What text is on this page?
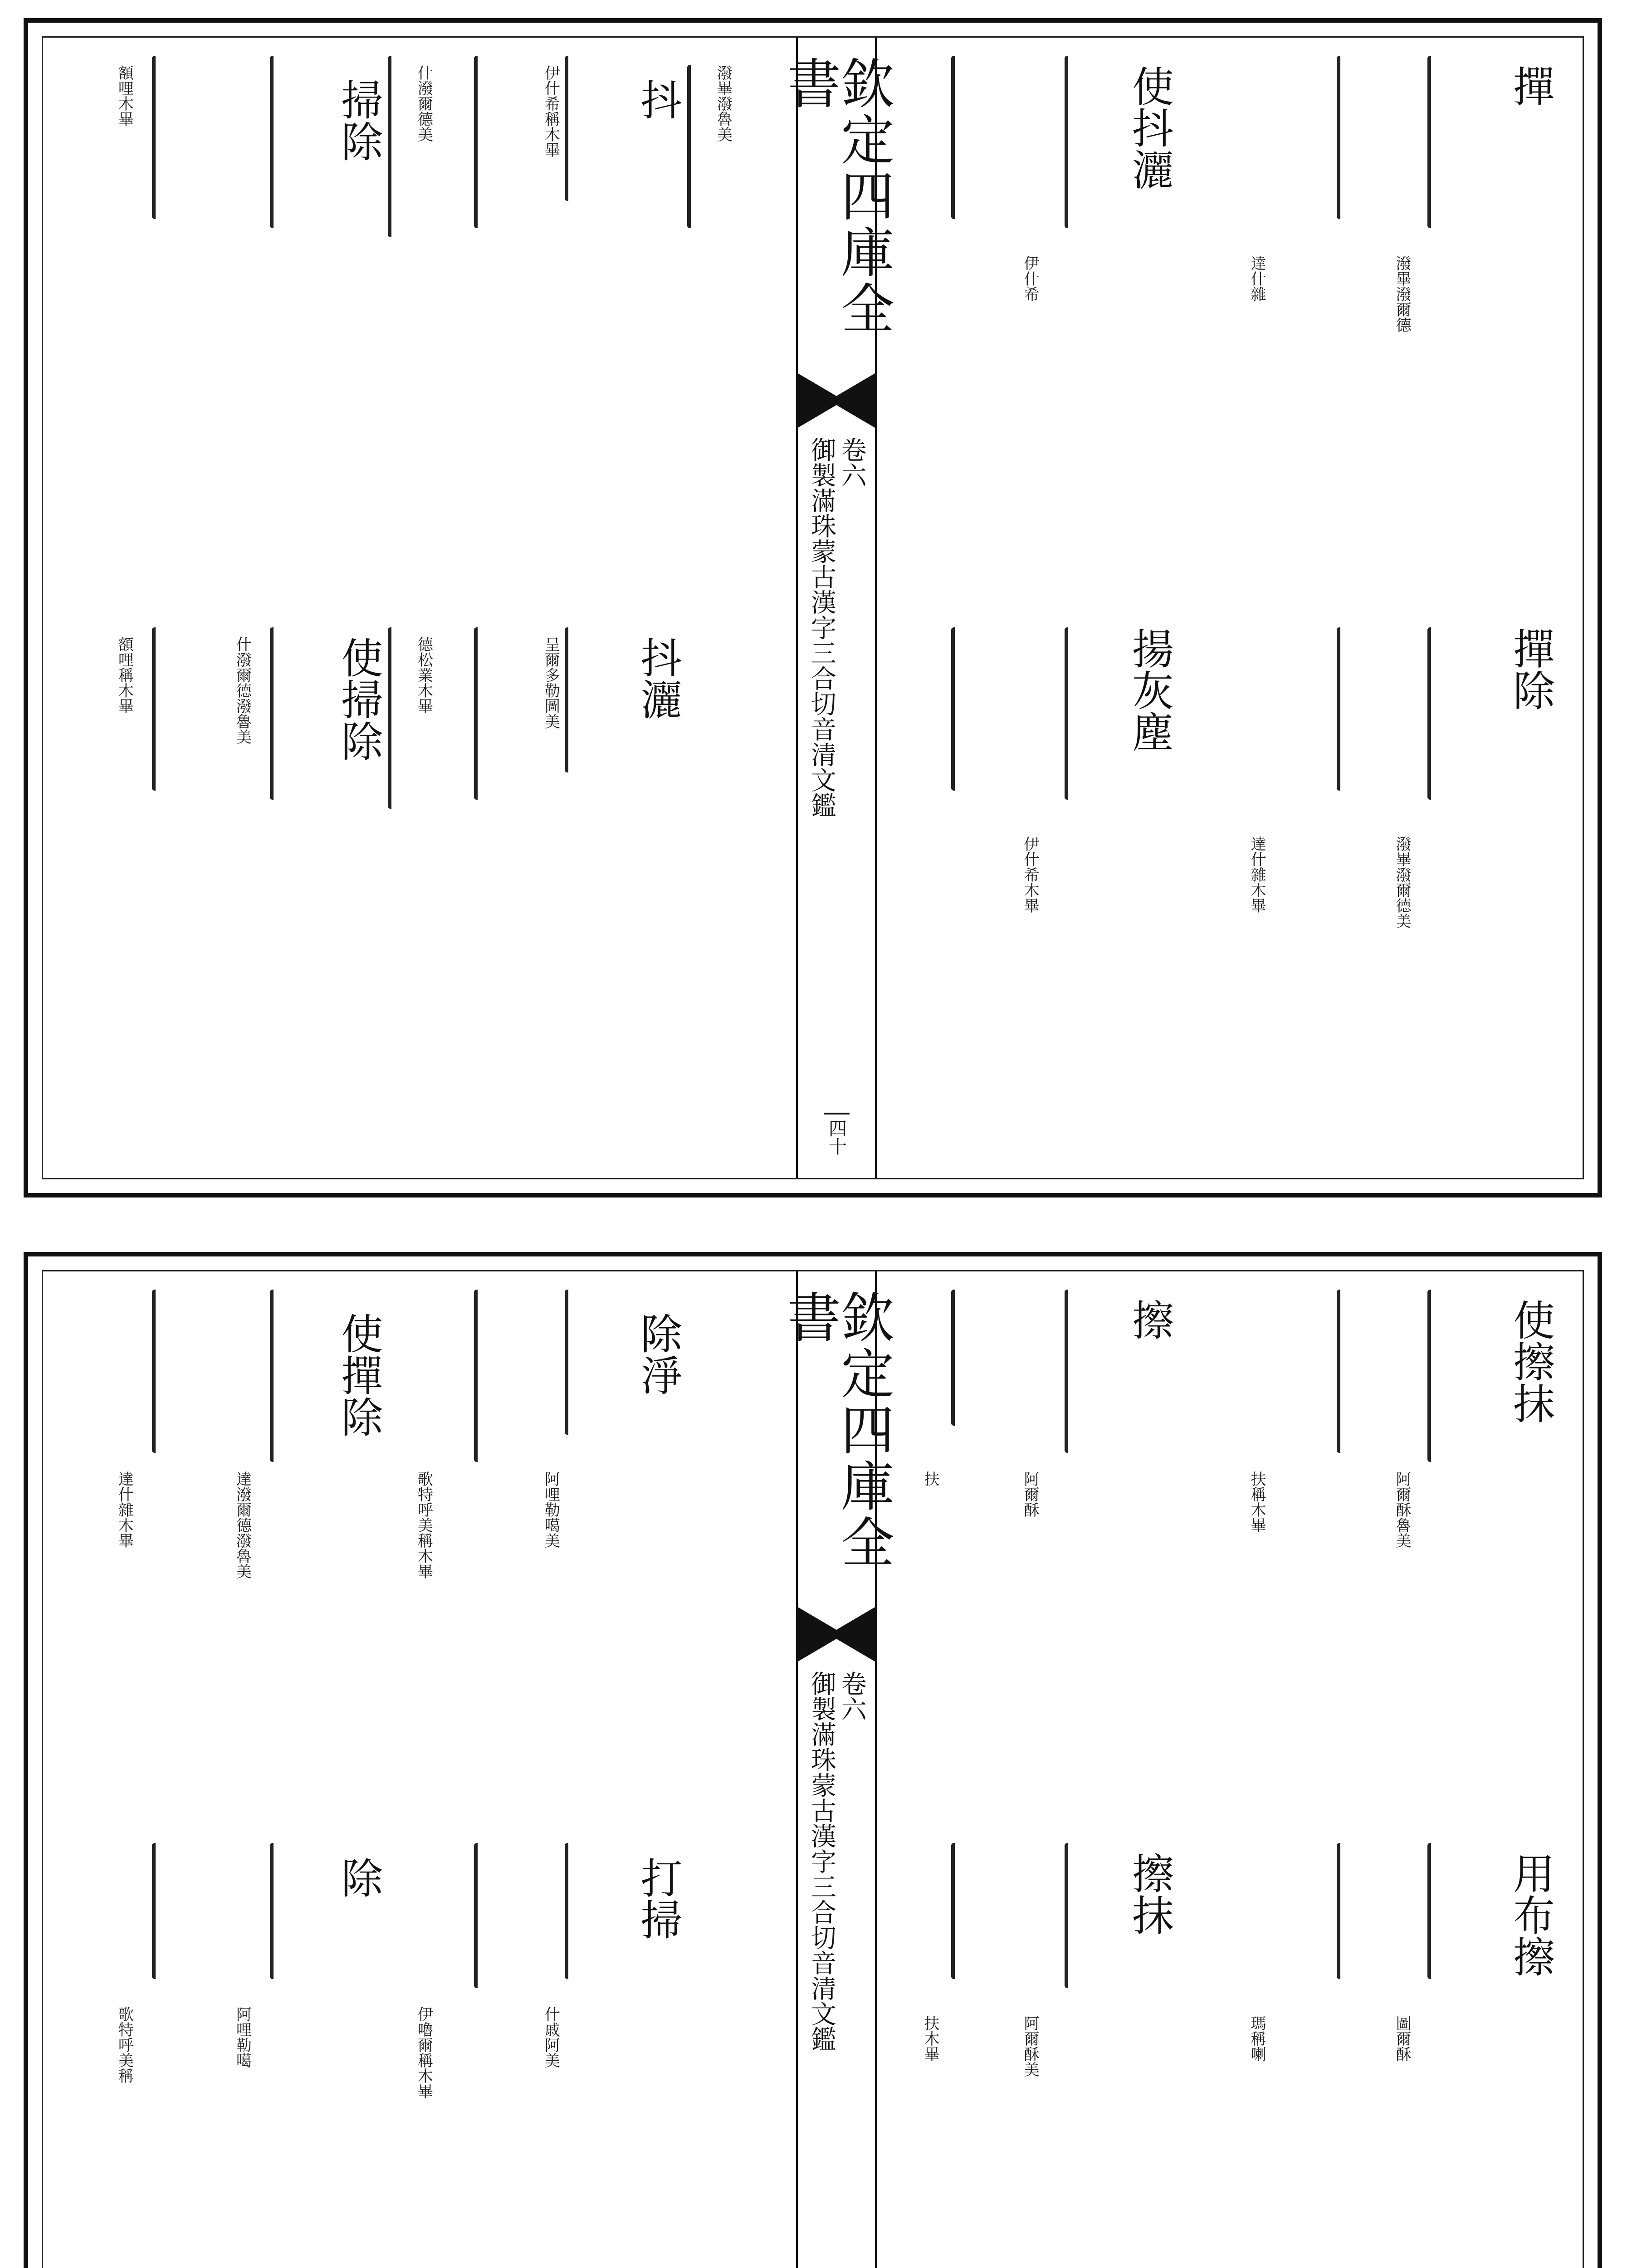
潑畢潑魯美
抖
掃除	伊什希稱木畢
什潑爾德美
額哩木畢
抖灑
使掃除	呈爾多勒圖美
德松業木畢
什潑爾德潑魯美
額哩稱木畢
欽定四庫全書
卷六
御製滿珠蒙古漢字三合切音清文鑑
四十
撣
使抖灑
撣除
揚灰塵
潑畢潑爾德
達什雜
伊什希
潑畢潑爾德美
達什雜木畢
伊什希木畢
除淨
使撣除
打掃
除
阿哩勒噶美
歌特呼美稱木畢
達潑爾德潑魯美
達什雜木畢
什戚阿美
伊嚕爾稱木畢
阿哩勒噶
歌特呼美稱
欽定四庫全書
卷六
御製滿珠蒙古漢字三合切音清文鑑
使擦抹
擦
用布擦
擦抹
阿爾酥魯美
扶稱木畢
阿爾酥
扶
圖爾酥
瑪稱喇
阿爾酥美
扶木畢
